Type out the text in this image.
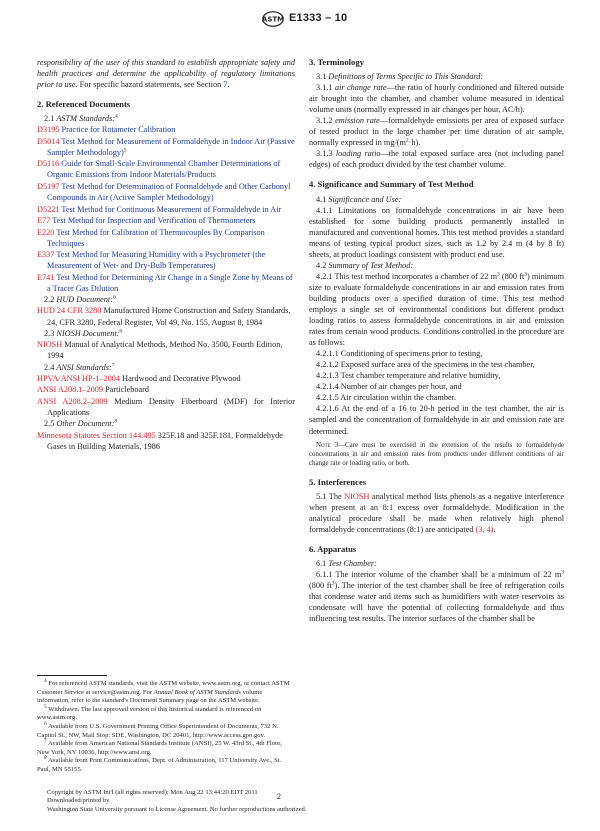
ASTM E1333 – 10

responsibility of the user of this standard to establish appropriate safety and health practices and determine the applicability of regulatory limitations prior to use. For specific hazard statements, see Section 7.

2. Referenced Documents

2.1 ASTM Standards:$^4$

D3195 Practice for Rotameter Calibration

D5014 Test Method for Measurement of Formaldehyde in Indoor Air (Passive Sampler Methodology)$^5$

D5116 Guide for Small-Scale Environmental Chamber Determinations of Organic Emissions from Indoor Materials/Products

D5197 Test Method for Determination of Formaldehyde and Other Carbonyl Compounds in Air (Active Sampler Methodology)

D5221 Test Method for Continuous Measurement of Formaldehyde in Air

E77 Test Method for Inspection and Verification of Thermometers

E220 Test Method for Calibration of Thermocouples By Comparison Techniques

E337 Test Method for Measuring Humidity with a Psychrometer (the Measurement of Wet- and Dry-Bulb Temperatures)

E741 Test Method for Determining Air Change in a Single Zone by Means of a Tracer Gas Dilution

2.2 HUD Document:$^6$

HUD 24 CFR 3280 Manufactured Home Construction and Safety Standards, 24, CFR 3280, Federal Register, Vol 49, No. 155, August 8, 1984

2.3 NIOSH Document:$^6$

NIOSH Manual of Analytical Methods, Method No. 3500, Fourth Edition, 1994

2.4 ANSI Standards:$^7$

HPVA/ANSI HP-1–2004 Hardwood and Decorative Plywood

ANSI A208.1–2009 Particleboard

ANSI A208.2–2009 Medium Density Fiberboard (MDF) for Interior Applications

2.5 Other Document:$^8$

Minnesota Statutes Section 144.495 325F.18 and 325F.181, Formaldehyde Gases in Building Materials, 1986

$^4$ For referenced ASTM standards, visit the ASTM website, www.astm.org, or contact ASTM Customer Service at service@astm.org. For Annual Book of ASTM Standards volume information, refer to the standard's Document Summary page on the ASTM website.

$^5$ Withdrawn. The last approved version of this historical standard is referenced on www.astm.org.

$^6$ Available from U.S. Government Printing Office Superintendent of Documents, 732 N. Capitol St., NW, Mail Stop: SDE, Washington, DC 20401, http://www.access.gpo.gov.

$^7$ Available from American National Standards Institute (ANSI), 25 W. 43rd St., 4th Floor, New York, NY 10036, http://www.ansi.org.

$^8$ Available from Print Communications, Dept. of Administration, 117 University Ave., St. Paul, MN 55155.

3. Terminology

3.1 Definitions of Terms Specific to This Standard:

3.1.1 air change rate—the ratio of hourly conditioned and filtered outside air brought into the chamber, and chamber volume measured in identical volume units (normally expressed in air changes per hour, AC/h).

3.1.2 emission rate—formaldehyde emissions per area of exposed surface of tested product in the large chamber per time duration of air sample, normally expressed in $mg/(m^2\cdot h)$.

3.1.3 loading ratio—the total exposed surface area (not including panel edges) of each product divided by the test chamber volume.

4. Significance and Summary of Test Method

4.1 Significance and Use:

4.1.1 Limitations on formaldehyde concentrations in air have been established for some building products permanently installed in manufactured and conventional homes. This test method provides a standard means of testing typical product sizes, such as 1.2 by 2.4 m (4 by 8 ft) sheets, at product loadings consistent with product end use.

4.2 Summary of Test Method:

4.2.1 This test method incorporates a chamber of 22 $m^3$ (800 $ft^3$) minimum size to evaluate formaldehyde concentrations in air and emission rates from building products over a specified duration of time. This test method employs a single set of environmental conditions but different product loading ratios to assess formaldehyde concentrations in air and emission rates from certain wood products. Conditions controlled in the procedure are as follows:

4.2.1.1 Conditioning of specimens prior to testing,

4.2.1.2 Exposed surface area of the specimens in the test chamber,

4.2.1.3 Test chamber temperature and relative humidity,

4.2.1.4 Number of air changes per hour, and

4.2.1.5 Air circulation within the chamber.

4.2.1.6 At the end of a 16 to 20-h period in the test chamber, the air is sampled and the concentration of formaldehyde in air and emission rate are determined.

Note 3—Care must be exercised in the extension of the results to formaldehyde concentrations in air and emission rates from products under different conditions of air change rate or loading ratio, or both.

5. Interferences

5.1 The NIOSH analytical method lists phenols as a negative interference when present at an 8:1 excess over formaldehyde. Modification in the analytical procedure shall be made when relatively high phenol formaldehyde concentrations (8:1) are anticipated (3, 4).

6. Apparatus

6.1 Test Chamber:

6.1.1 The interior volume of the chamber shall be a minimum of 22 $m^3$ (800 $ft^3$). The interior of the test chamber shall be free of refrigeration coils that condense water and items such as humidifiers with water reservoirs as condensate will have the potential of collecting formaldehyde and thus influencing test results. The interior surfaces of the chamber shall be

Copyright by ASTM Int'l (all rights reserved); Mon Aug 22 13:44:20 EDT 2011
Downloaded/printed by
Washington State University pursuant to License Agreement. No further reproductions authorized.
2
